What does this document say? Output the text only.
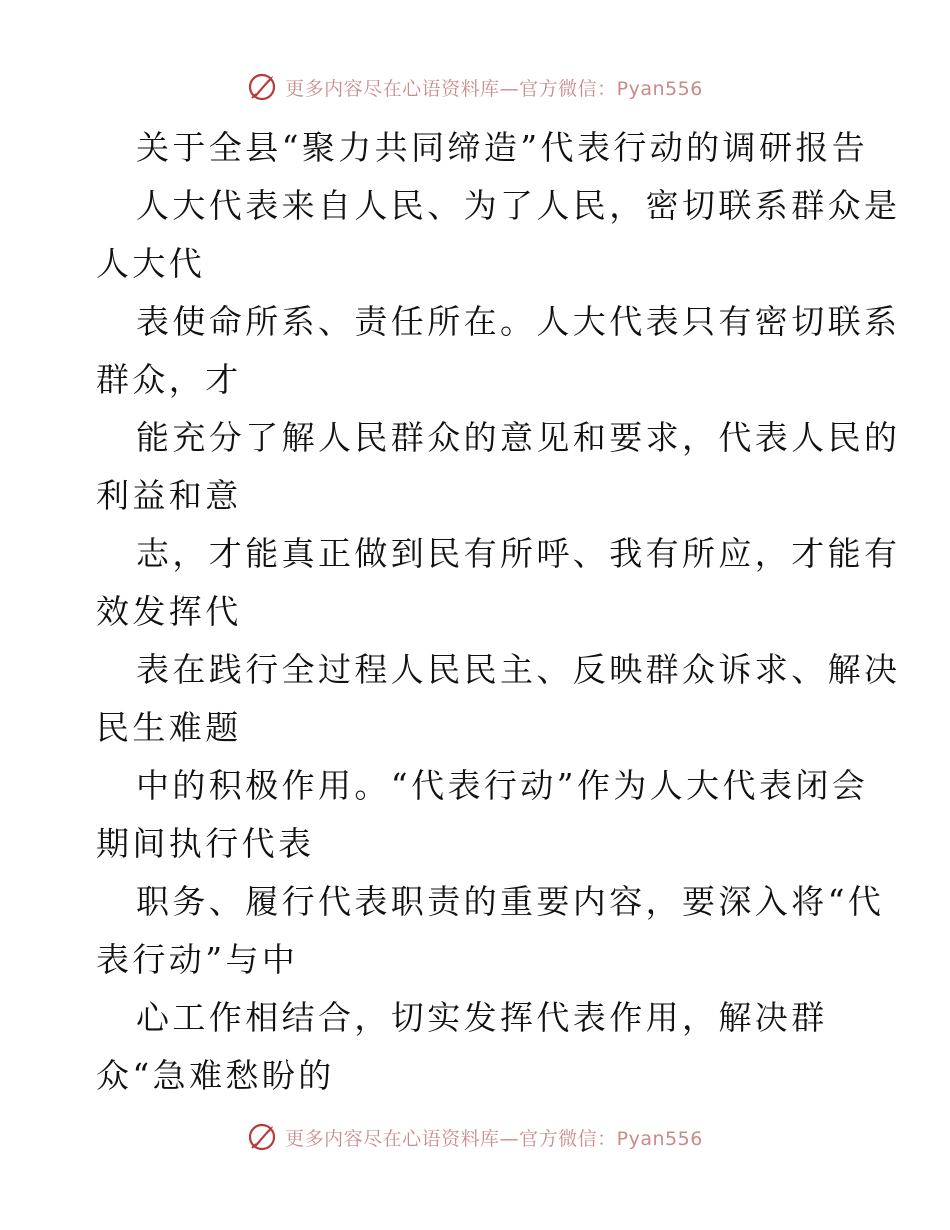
更多内容尽在心语资料库—官方微信：Pyan556
关于全县“聚力共同缔造”代表行动的调研报告
人大代表来自人民、为了人民，密切联系群众是
人大代
表使命所系、责任所在。人大代表只有密切联系
群众，才
能充分了解人民群众的意见和要求，代表人民的
利益和意
志，才能真正做到民有所呼、我有所应，才能有
效发挥代
表在践行全过程人民民主、反映群众诉求、解决
民生难题
中的积极作用。“代表行动”作为人大代表闭会
期间执行代表
职务、履行代表职责的重要内容，要深入将“代
表行动”与中
心工作相结合，切实发挥代表作用，解决群
众“急难愁盼的
更多内容尽在心语资料库—官方微信：Pyan556
